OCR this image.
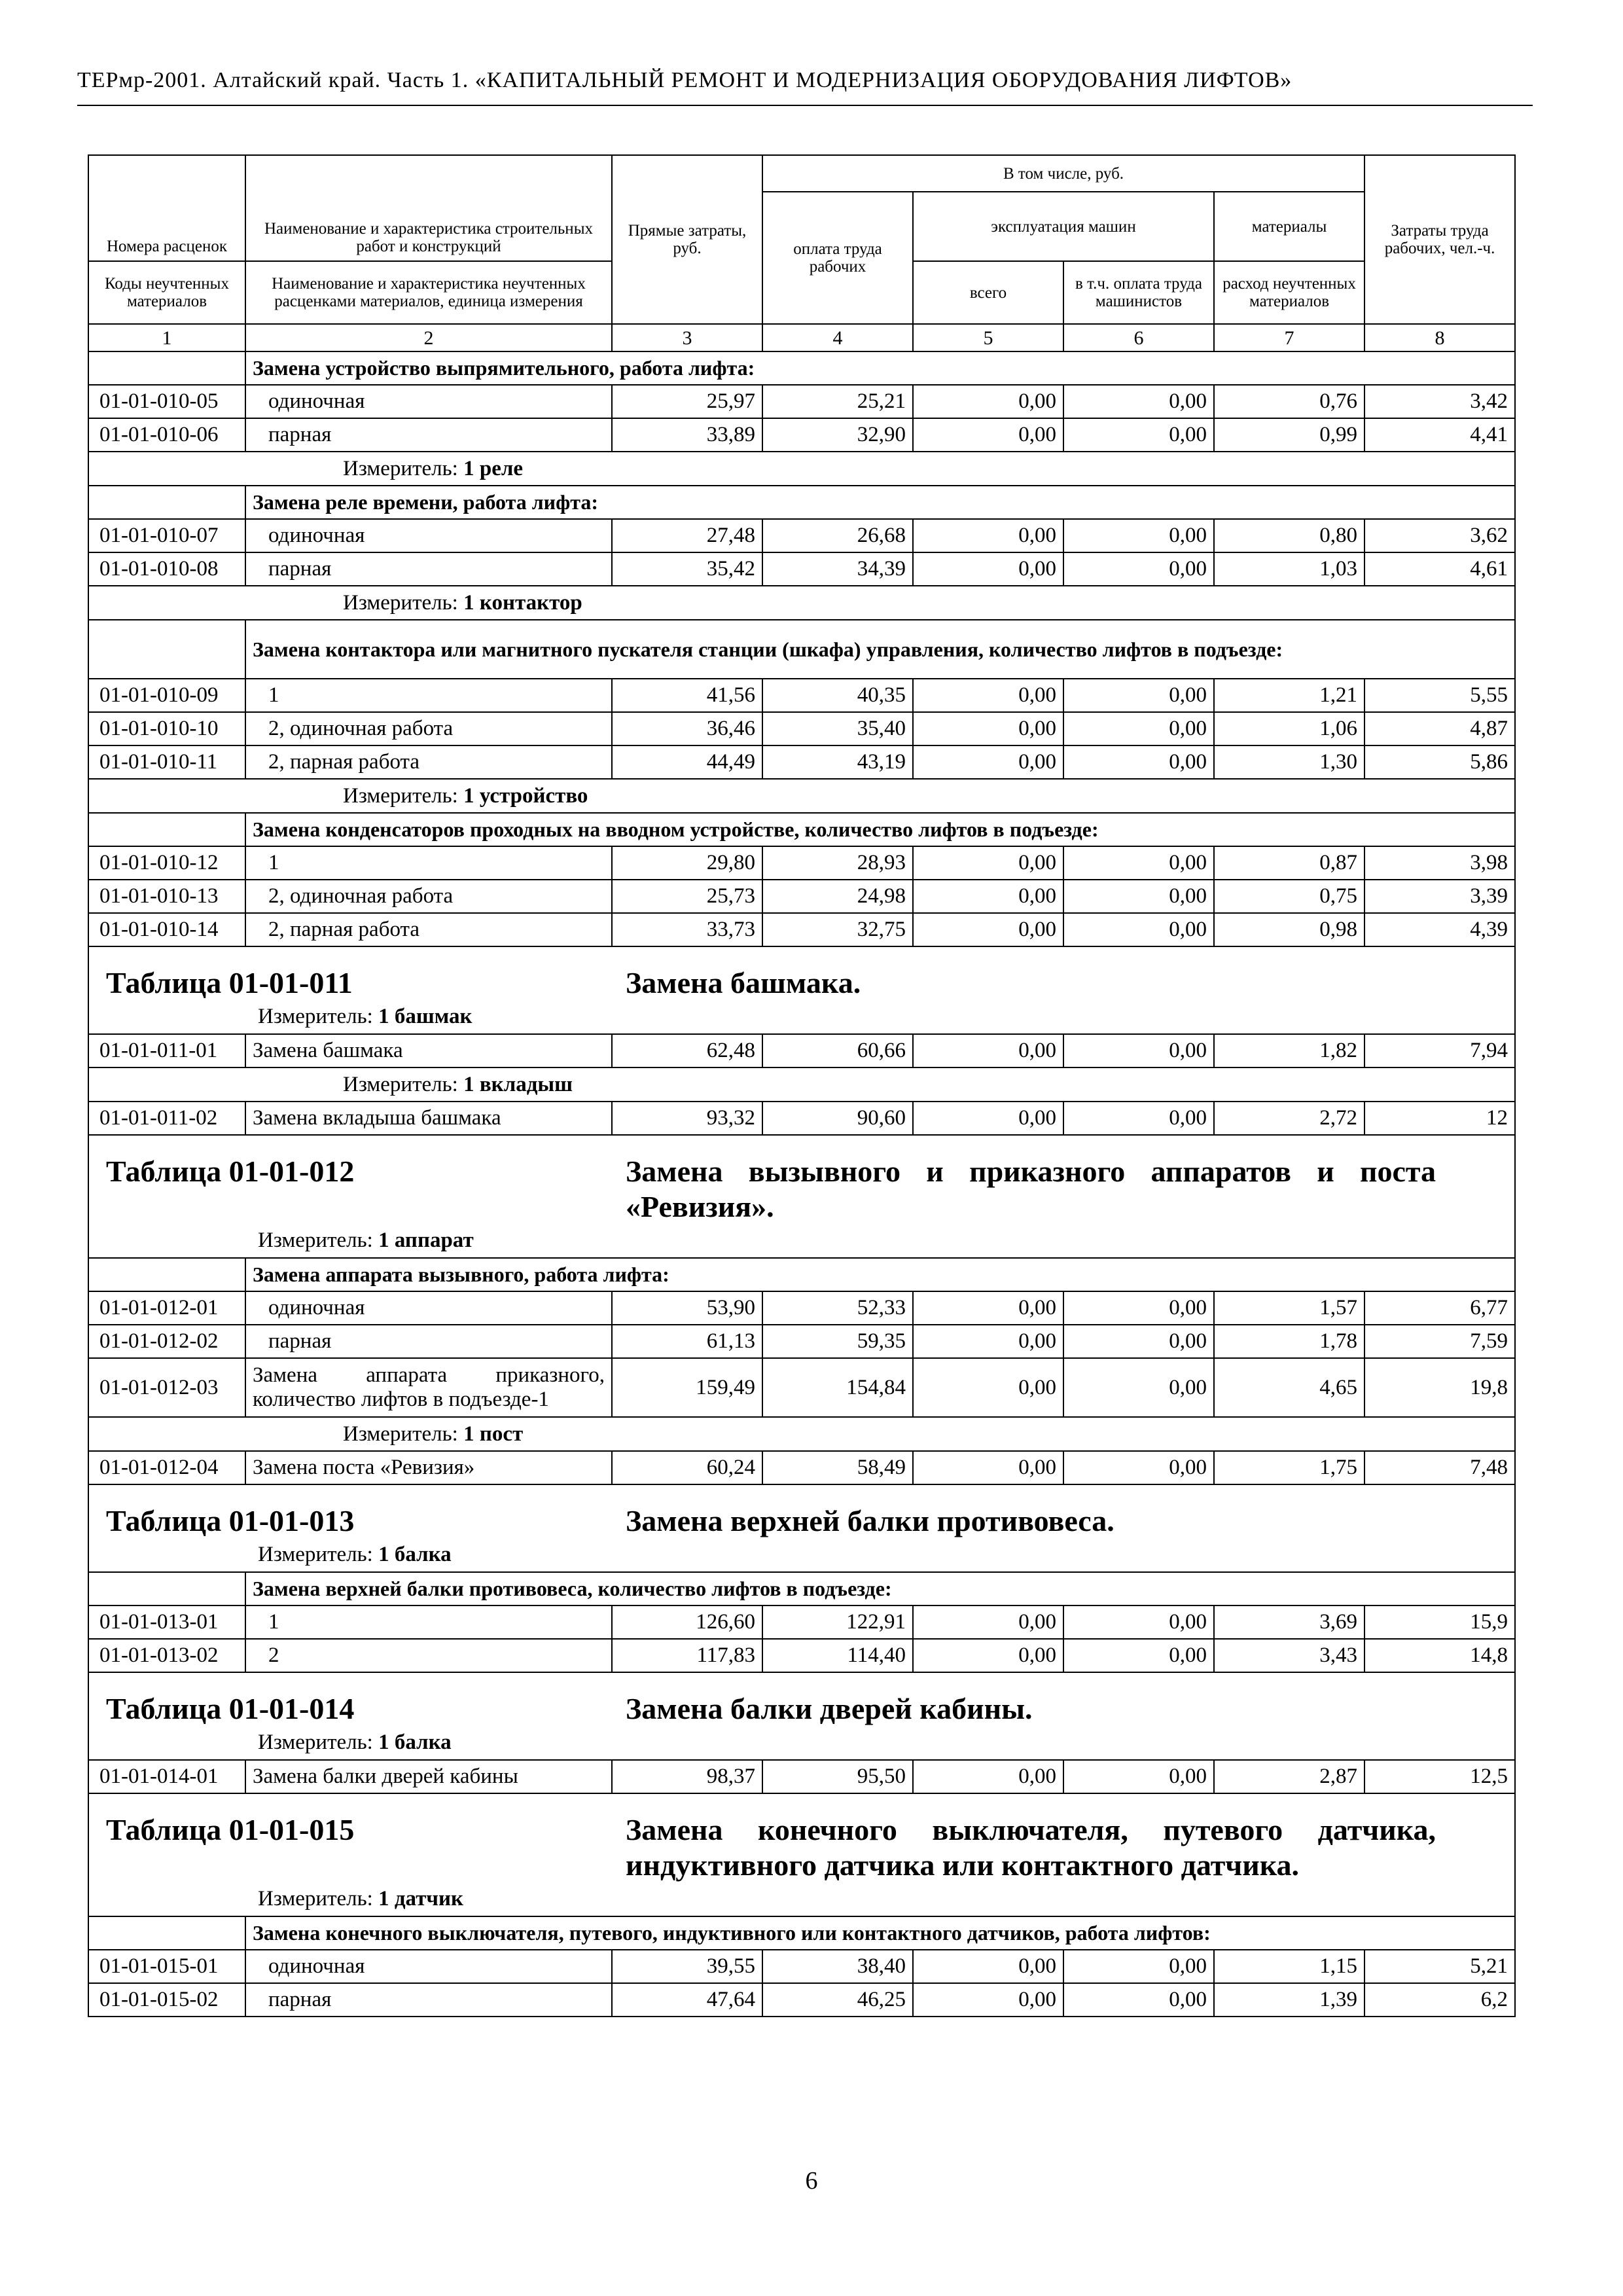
ТЕРмр-2001. Алтайский край. Часть 1. «КАПИТАЛЬНЫЙ РЕМОНТ И МОДЕРНИЗАЦИЯ ОБОРУДОВАНИЯ ЛИФТОВ»
Номера расценок	Наименование и характеристика строительных работ и конструкций	Прямые затраты, руб.	В том числе, руб.				Затраты труда рабочих, чел.-ч.
			оплата труда рабочих	эксплуатация машин		материалы	
Коды неучтенных материалов	Наименование и характеристика неучтенных расценками материалов, единица измерения			всего	в т.ч. оплата труда машинистов	расход неучтенных материалов	
1	2	3	4	5	6	7	8
	Замена устройство выпрямительного, работа лифта:						
01-01-010-05	одиночная	25,97	25,21	0,00	0,00	0,76	3,42
01-01-010-06	парная	33,89	32,90	0,00	0,00	0,99	4,41
Измеритель: 1 реле							
	Замена реле времени, работа лифта:						
01-01-010-07	одиночная	27,48	26,68	0,00	0,00	0,80	3,62
01-01-010-08	парная	35,42	34,39	0,00	0,00	1,03	4,61
Измеритель: 1 контактор							
	Замена контактора или магнитного пускателя станции (шкафа) управления, количество лифтов в подъезде:						
01-01-010-09	1	41,56	40,35	0,00	0,00	1,21	5,55
01-01-010-10	2, одиночная работа	36,46	35,40	0,00	0,00	1,06	4,87
01-01-010-11	2, парная работа	44,49	43,19	0,00	0,00	1,30	5,86
Измеритель: 1 устройство							
	Замена конденсаторов проходных на вводном устройстве, количество лифтов в подъезде:						
01-01-010-12	1	29,80	28,93	0,00	0,00	0,87	3,98
01-01-010-13	2, одиночная работа	25,73	24,98	0,00	0,00	0,75	3,39
01-01-010-14	2, парная работа	33,73	32,75	0,00	0,00	0,98	4,39

Таблица 01-01-011 Замена башмака.
Измеритель: 1 башмак							

01-01-011-01	Замена башмака	62,48	60,66	0,00	0,00	1,82	7,94
Измеритель: 1 вкладыш							
01-01-011-02	Замена вкладыша башмака	93,32	90,60	0,00	0,00	2,72	12

Таблица 01-01-012 Замена вызывного и приказного аппаратов и поста «Ревизия».
Измеритель: 1 аппарат							

	Замена аппарата вызывного, работа лифта:						
01-01-012-01	одиночная	53,90	52,33	0,00	0,00	1,57	6,77
01-01-012-02	парная	61,13	59,35	0,00	0,00	1,78	7,59
01-01-012-03	Замена аппарата приказного, количество лифтов в подъезде-1	159,49	154,84	0,00	0,00	4,65	19,8
Измеритель: 1 пост							
01-01-012-04	Замена поста «Ревизия»	60,24	58,49	0,00	0,00	1,75	7,48

Таблица 01-01-013 Замена верхней балки противовеса.
Измеритель: 1 балка							

	Замена верхней балки противовеса, количество лифтов в подъезде:						
01-01-013-01	1	126,60	122,91	0,00	0,00	3,69	15,9
01-01-013-02	2	117,83	114,40	0,00	0,00	3,43	14,8

Таблица 01-01-014 Замена балки дверей кабины.
Измеритель: 1 балка							

01-01-014-01	Замена балки дверей кабины	98,37	95,50	0,00	0,00	2,87	12,5

Таблица 01-01-015 Замена конечного выключателя, путевого датчика, индуктивного датчика или контактного датчика.
Измеритель: 1 датчик							

	Замена конечного выключателя, путевого, индуктивного или контактного датчиков, работа лифтов:						
01-01-015-01	одиночная	39,55	38,40	0,00	0,00	1,15	5,21
01-01-015-02	парная	47,64	46,25	0,00	0,00	1,39	6,2
6
